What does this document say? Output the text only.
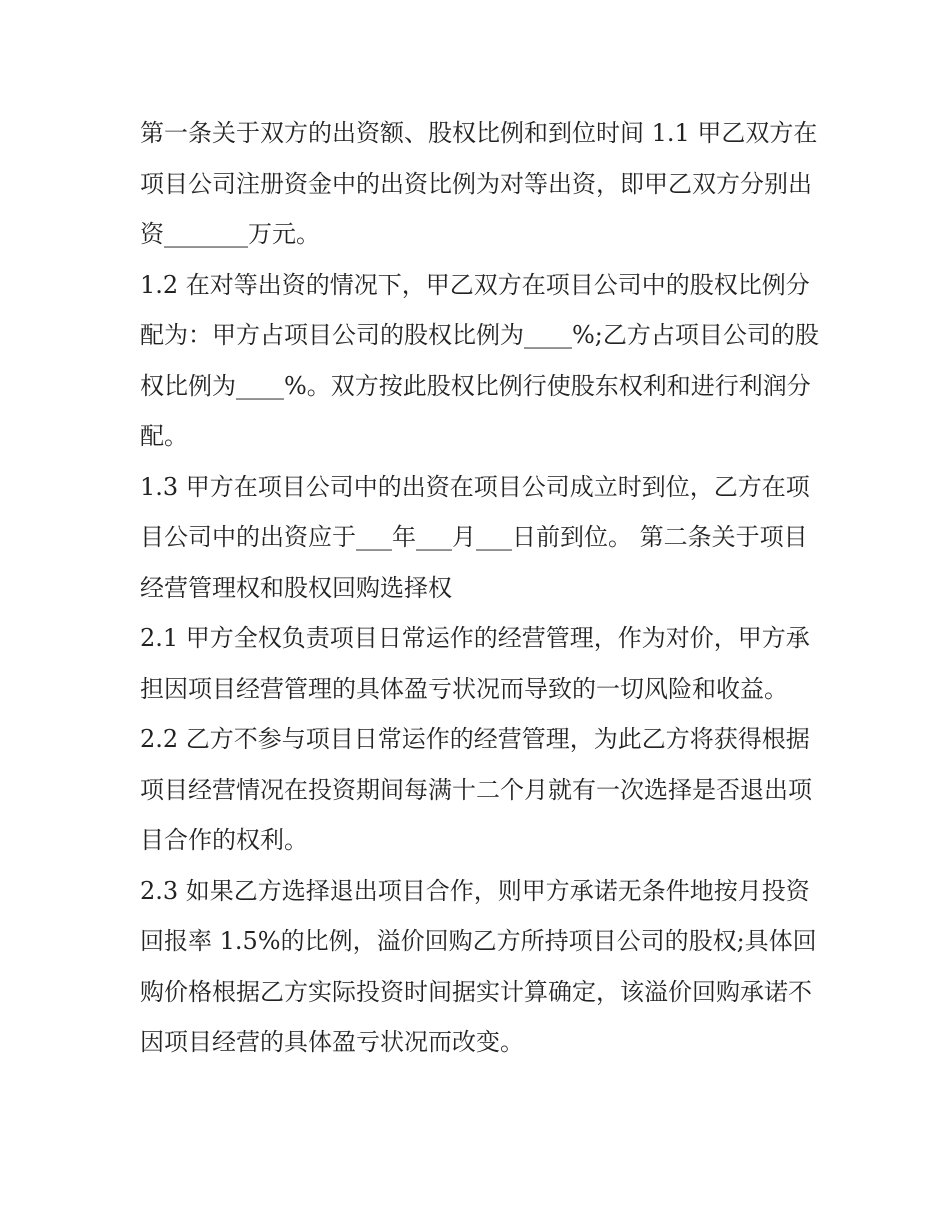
第一条关于双方的出资额、股权比例和到位时间 1.1 甲乙双方在项目公司注册资金中的出资比例为对等出资，即甲乙双方分别出资_______万元。

1.2 在对等出资的情况下，甲乙双方在项目公司中的股权比例分配为：甲方占项目公司的股权比例为____%;乙方占项目公司的股权比例为____%。双方按此股权比例行使股东权利和进行利润分配。

1.3 甲方在项目公司中的出资在项目公司成立时到位，乙方在项目公司中的出资应于___年___月___日前到位。 第二条关于项目经营管理权和股权回购选择权

2.1 甲方全权负责项目日常运作的经营管理，作为对价，甲方承担因项目经营管理的具体盈亏状况而导致的一切风险和收益。

2.2 乙方不参与项目日常运作的经营管理，为此乙方将获得根据项目经营情况在投资期间每满十二个月就有一次选择是否退出项目合作的权利。

2.3 如果乙方选择退出项目合作，则甲方承诺无条件地按月投资回报率 1.5%的比例，溢价回购乙方所持项目公司的股权;具体回购价格根据乙方实际投资时间据实计算确定，该溢价回购承诺不因项目经营的具体盈亏状况而改变。
